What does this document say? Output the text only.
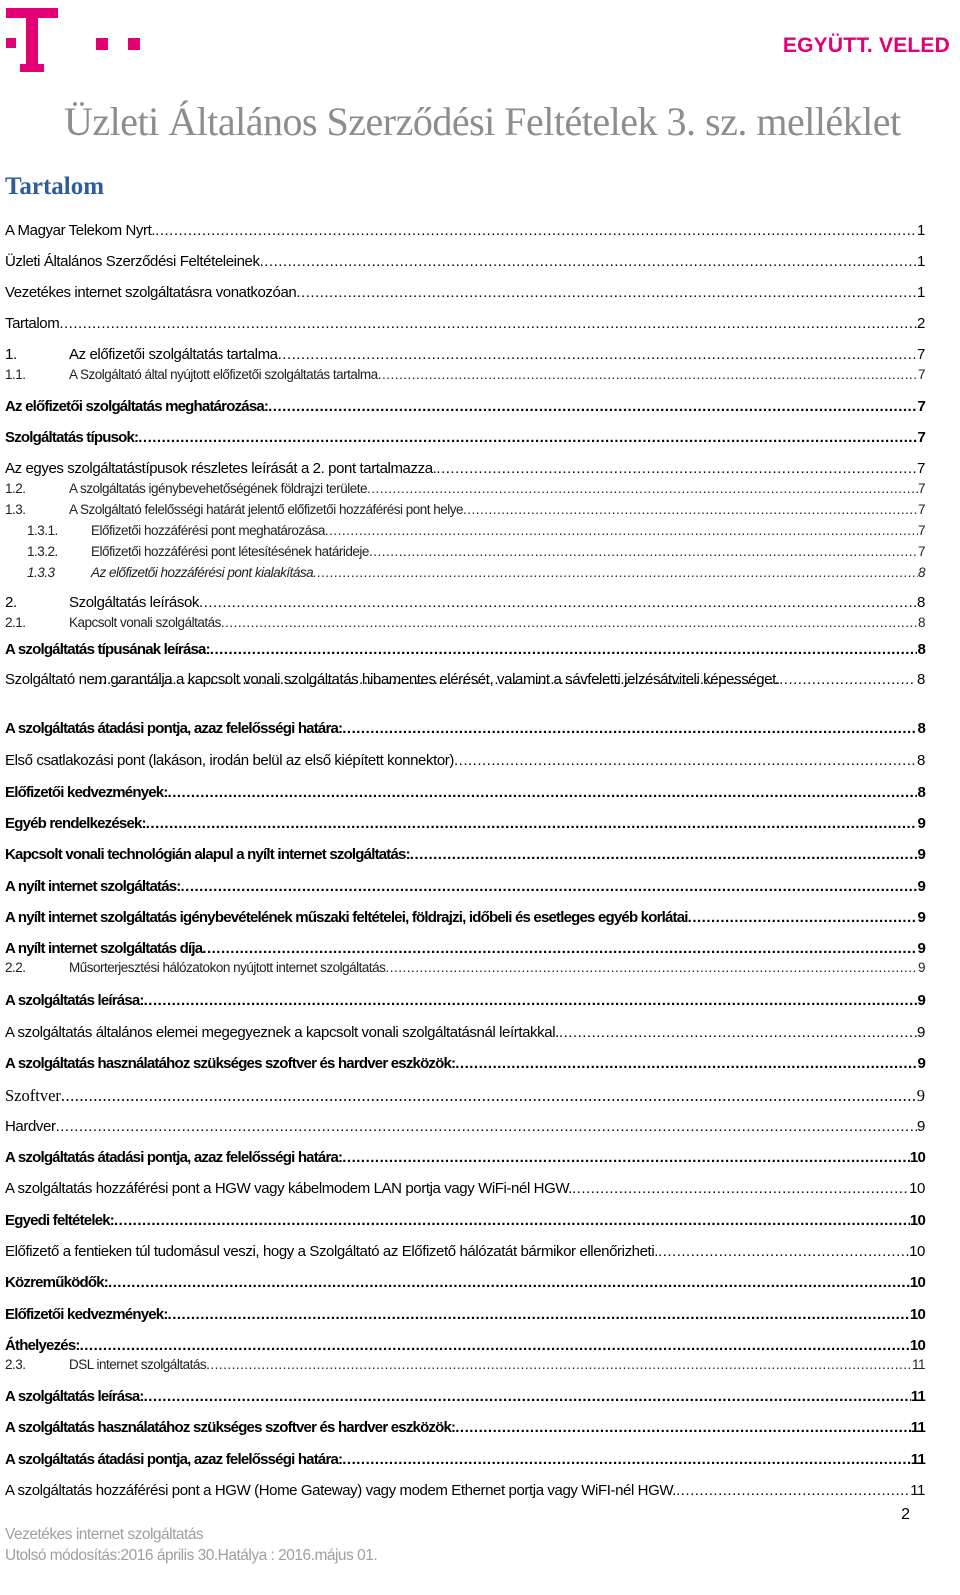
EGYÜTT. VELED
Üzleti Általános Szerződési Feltételek 3. sz. melléklet
Tartalom
A Magyar Telekom Nyrt. .....	1
Üzleti Általános Szerződési Feltételeinek .....	1
Vezetékes internet szolgáltatásra vonatkozóan .....	1
Tartalom .....	2
1.	Az előfizetői szolgáltatás tartalma .....	7
1.1.	A Szolgáltató által nyújtott előfizetői szolgáltatás tartalma .....	7
Az előfizetői szolgáltatás meghatározása: .....	7
Szolgáltatás típusok: .....	7
Az egyes szolgáltatástípusok részletes leírását a 2. pont tartalmazza. .....	7
1.2.	A szolgáltatás igénybevehetőségének földrajzi területe .....	7
1.3.	A Szolgáltató felelősségi határát jelentő előfizetői hozzáférési pont helye .....	7
1.3.1.	Előfizetői hozzáférési pont meghatározása .....	7
1.3.2.	Előfizetői hozzáférési pont létesítésének határideje .....	7
1.3.3	Az előfizetői hozzáférési pont kialakítása .....	8
2.	Szolgáltatás leírások .....	8
2.1.	Kapcsolt vonali szolgáltatás .....	8
A szolgáltatás típusának leírása: .....	8
Szolgáltató nem garantálja a kapcsolt vonali szolgáltatás hibamentes elérését, valamint a sávfeletti jelzésátviteli képességet.	8
.....
A szolgáltatás átadási pontja, azaz felelősségi határa: .....	8
Első csatlakozási pont (lakáson, irodán belül az első kiépített konnektor) .....	8
Előfizetői kedvezmények: .....	8
Egyéb rendelkezések: .....	9
Kapcsolt vonali technológián alapul a nyílt internet szolgáltatás: .....	9
A nyílt internet szolgáltatás: .....	9
A nyílt internet szolgáltatás igénybevételének műszaki feltételei, földrajzi, időbeli és esetleges egyéb korlátai .....	9
A nyílt internet szolgáltatás díja .....	9
2.2.	Műsorterjesztési hálózatokon nyújtott internet szolgáltatás .....	9
A szolgáltatás leírása: .....	9
A szolgáltatás általános elemei megegyeznek a kapcsolt vonali szolgáltatásnál leírtakkal. .....	9
A szolgáltatás használatához szükséges szoftver és hardver eszközök: .....	9
Szoftver .....	9
Hardver .....	9
A szolgáltatás átadási pontja, azaz felelősségi határa: .....	10
A szolgáltatás hozzáférési pont a HGW vagy kábelmodem LAN portja vagy WiFi-nél HGW. .....	10
Egyedi feltételek: .....	10
Előfizető a fentieken túl tudomásul veszi, hogy a Szolgáltató az Előfizető hálózatát bármikor ellenőrizheti. .....	10
Közreműködők: .....	10
Előfizetői kedvezmények: .....	10
Áthelyezés: .....	10
2.3.	DSL internet szolgáltatás .....	11
A szolgáltatás leírása: .....	11
A szolgáltatás használatához szükséges szoftver és hardver eszközök: .....	11
A szolgáltatás átadási pontja, azaz felelősségi határa: .....	11
A szolgáltatás hozzáférési pont a HGW (Home Gateway) vagy modem Ethernet portja vagy WiFI-nél HGW. .....	11
2
Vezetékes internet szolgáltatás
Utolsó módosítás:2016 április 30.Hatálya : 2016.május 01.
